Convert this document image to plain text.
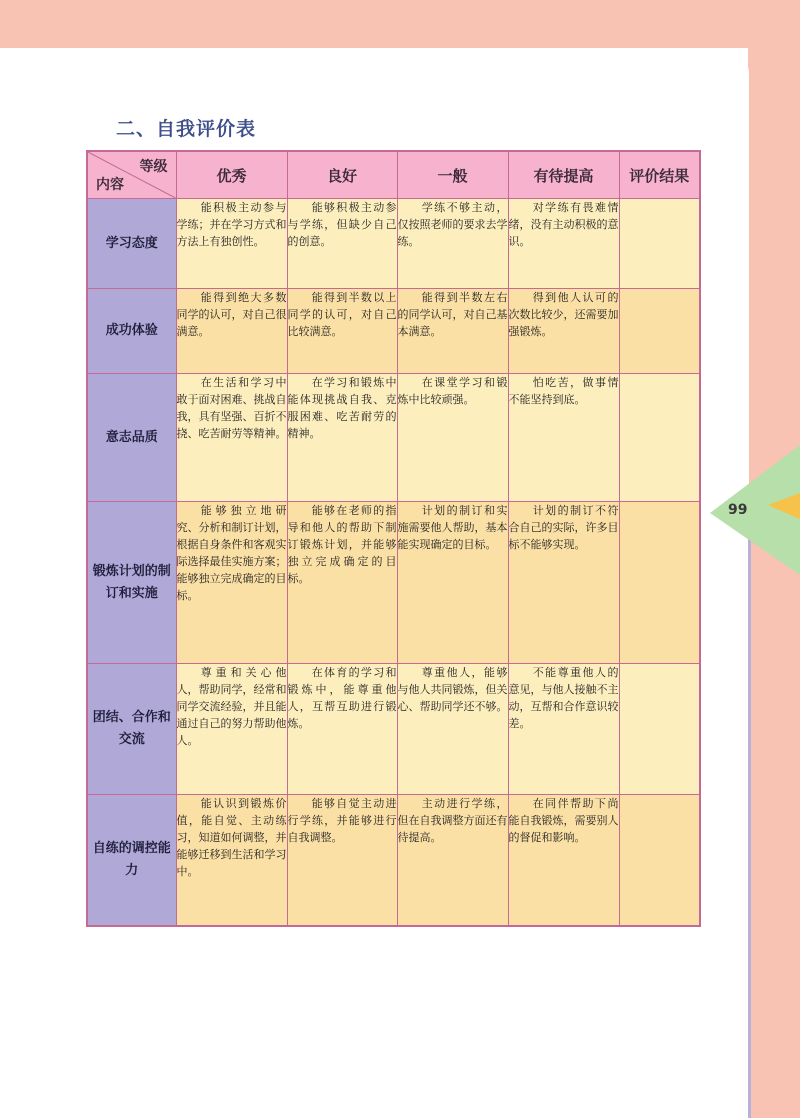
99
二、自我评价表
等级
内容	优秀	良好	一般	有待提高	评价结果
学习态度	能积极主动参与学练；并在学习方式和方法上有独创性。	能够积极主动参与学练，但缺少自己的创意。	学练不够主动，仅按照老师的要求去学练。	对学练有畏难情绪，没有主动积极的意识。	
成功体验	能得到绝大多数同学的认可，对自己很满意。	能得到半数以上同学的认可，对自己比较满意。	能得到半数左右的同学认可，对自己基本满意。	得到他人认可的次数比较少，还需要加强锻炼。	
意志品质	在生活和学习中敢于面对困难、挑战自我，具有坚强、百折不挠、吃苦耐劳等精神。	在学习和锻炼中能体现挑战自我、克服困难、吃苦耐劳的精神。	在课堂学习和锻炼中比较顽强。	怕吃苦，做事情不能坚持到底。	
锻炼计划的制订和实施	能够独立地研究、分析和制订计划，根据自身条件和客观实际选择最佳实施方案；能够独立完成确定的目标。	能够在老师的指导和他人的帮助下制订锻炼计划，并能够独立完成确定的目标。	计划的制订和实施需要他人帮助，基本能实现确定的目标。	计划的制订不符合自己的实际，许多目标不能够实现。	
团结、合作和交流	尊重和关心他人，帮助同学，经常和同学交流经验，并且能通过自己的努力帮助他人。	在体育的学习和锻炼中，能尊重他人，互帮互助进行锻炼。	尊重他人，能够与他人共同锻炼，但关心、帮助同学还不够。	不能尊重他人的意见，与他人接触不主动，互帮和合作意识较差。	
自练的调控能力	能认识到锻炼价值，能自觉、主动练习，知道如何调整，并能够迁移到生活和学习中。	能够自觉主动进行学练，并能够进行自我调整。	主动进行学练，但在自我调整方面还有待提高。	在同伴帮助下尚能自我锻炼，需要别人的督促和影响。	
